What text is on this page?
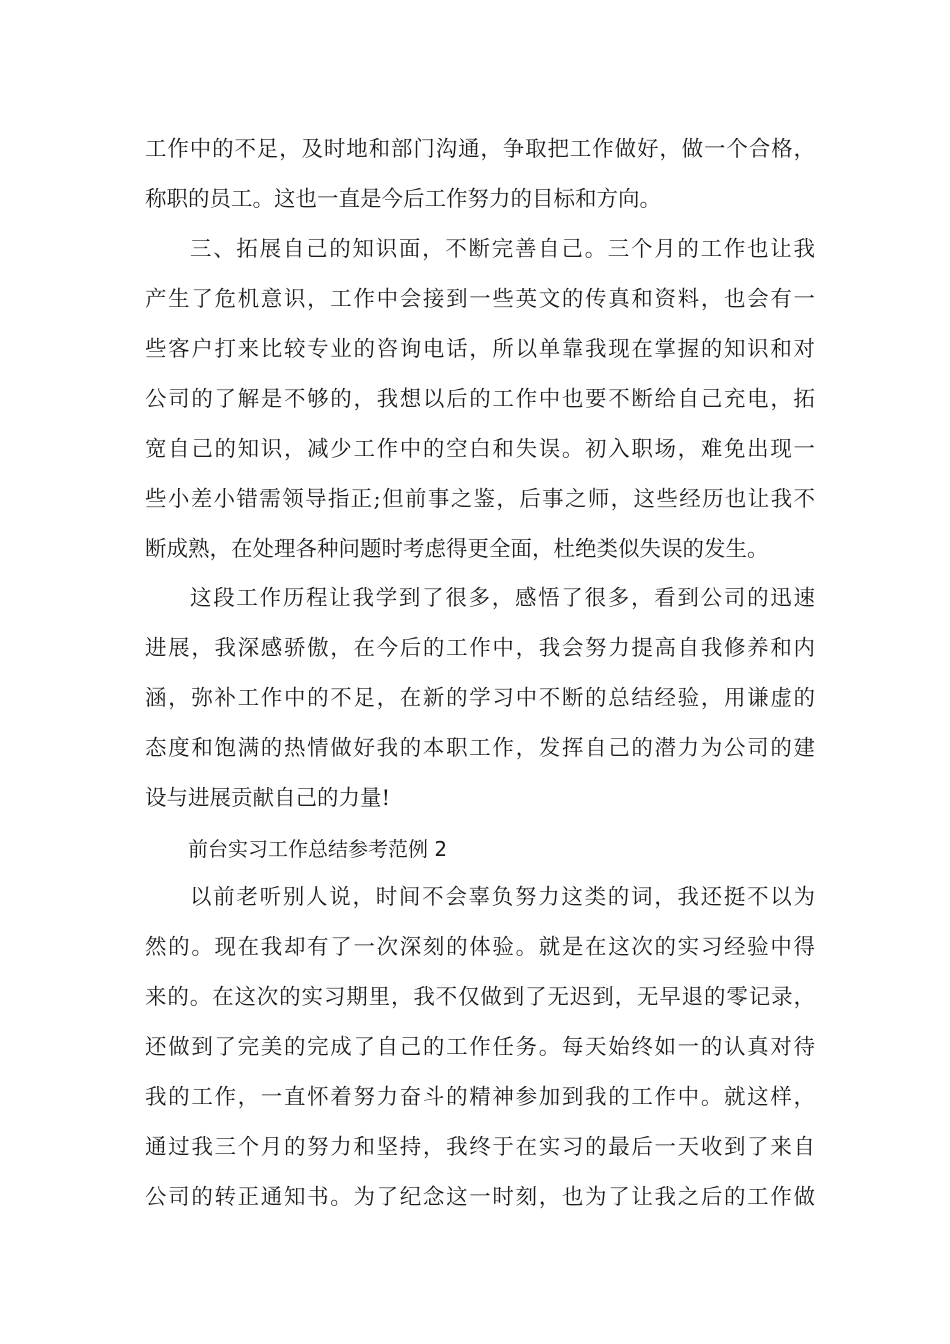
工作中的不足，及时地和部门沟通，争取把工作做好，做一个合格，
称职的员工。这也一直是今后工作努力的目标和方向。
三、拓展自己的知识面，不断完善自己。三个月的工作也让我
产生了危机意识，工作中会接到一些英文的传真和资料，也会有一
些客户打来比较专业的咨询电话，所以单靠我现在掌握的知识和对
公司的了解是不够的，我想以后的工作中也要不断给自己充电，拓
宽自己的知识，减少工作中的空白和失误。初入职场，难免出现一
些小差小错需领导指正;但前事之鉴，后事之师，这些经历也让我不
断成熟，在处理各种问题时考虑得更全面，杜绝类似失误的发生。
这段工作历程让我学到了很多，感悟了很多，看到公司的迅速
进展，我深感骄傲，在今后的工作中，我会努力提高自我修养和内
涵，弥补工作中的不足，在新的学习中不断的总结经验，用谦虚的
态度和饱满的热情做好我的本职工作，发挥自己的潜力为公司的建
设与进展贡献自己的力量!
前台实习工作总结参考范例 2
以前老听别人说，时间不会辜负努力这类的词，我还挺不以为
然的。现在我却有了一次深刻的体验。就是在这次的实习经验中得
来的。在这次的实习期里，我不仅做到了无迟到，无早退的零记录，
还做到了完美的完成了自己的工作任务。每天始终如一的认真对待
我的工作，一直怀着努力奋斗的精神参加到我的工作中。就这样，
通过我三个月的努力和坚持，我终于在实习的最后一天收到了来自
公司的转正通知书。为了纪念这一时刻，也为了让我之后的工作做
